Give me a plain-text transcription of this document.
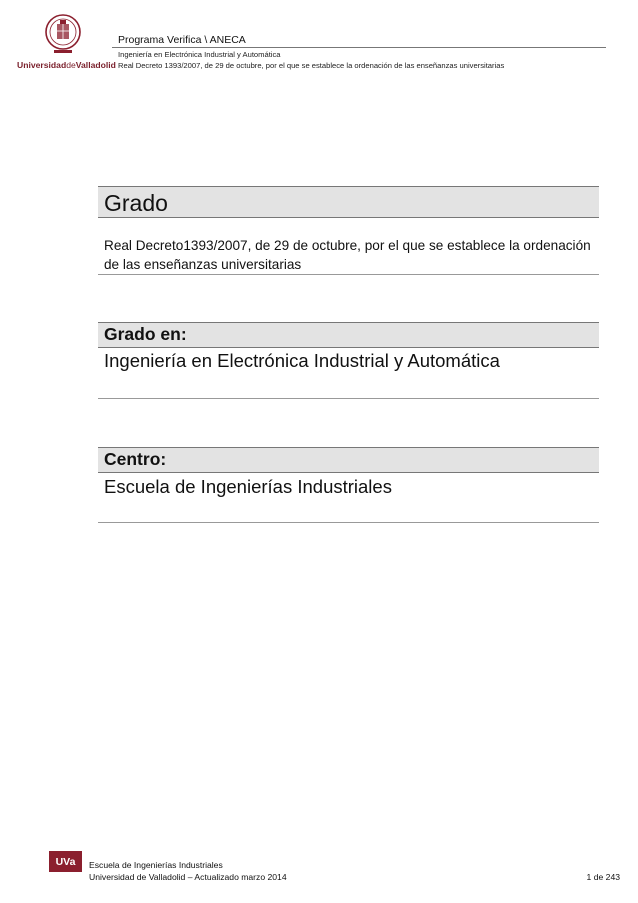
UniversidaddeValladolid
Programa Verifica \ ANECA
Ingeniería en Electrónica Industrial y Automática
Real Decreto 1393/2007, de 29 de octubre, por el que se establece la ordenación de las enseñanzas universitarias
Grado
Real Decreto1393/2007, de 29 de octubre, por el que se establece la ordenación de las enseñanzas universitarias
Grado en:
Ingeniería en Electrónica Industrial y Automática
Centro:
Escuela de Ingenierías Industriales
UVa	Escuela de Ingenierías Industriales
Universidad de Valladolid – Actualizado marzo 2014	1 de 243
